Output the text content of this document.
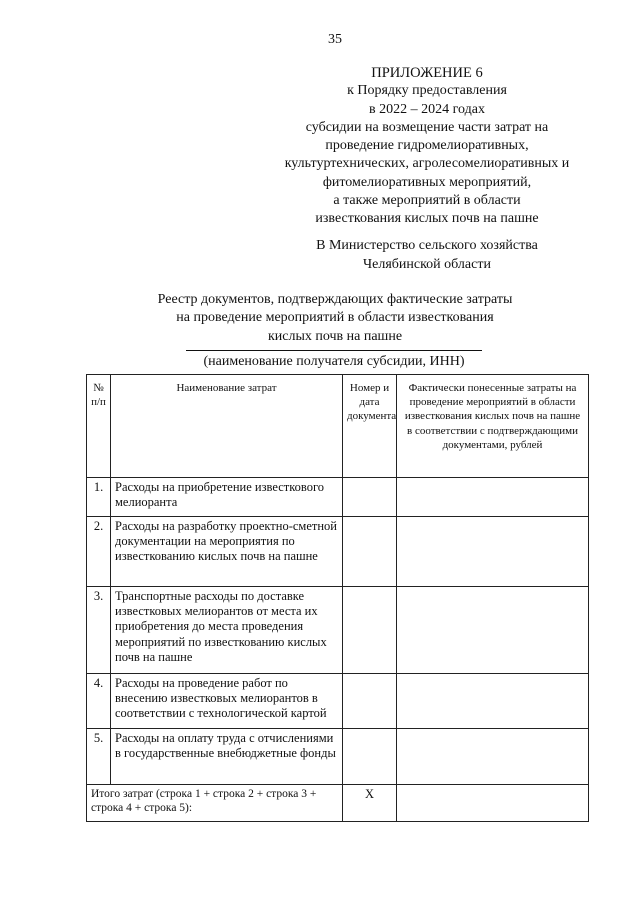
35
ПРИЛОЖЕНИЕ 6
к Порядку предоставления
в 2022 – 2024 годах
субсидии на возмещение части затрат на
проведение гидромелиоративных,
культуртехнических, агролесомелиоративных и
фитомелиоративных мероприятий,
а также мероприятий в области
известкования кислых почв на пашне
В Министерство сельского хозяйства
Челябинской области
Реестр документов, подтверждающих фактические затраты
на проведение мероприятий в области известкования
кислых почв на пашне
(наименование получателя субсидии, ИНН)
№ п/п	Наименование затрат	Номер и дата документа	Фактически понесенные затраты на проведение мероприятий в области известкования кислых почв на пашне в соответствии с подтверждающими документами, рублей
1.	Расходы на приобретение известкового мелиоранта		
2.	Расходы на разработку проектно-сметной документации на мероприятия по известкованию кислых почв на пашне		
3.	Транспортные расходы по доставке известковых мелиорантов от места их приобретения до места проведения мероприятий по известкованию кислых почв на пашне		
4.	Расходы на проведение работ по внесению известковых мелиорантов в соответствии с технологической картой		
5.	Расходы на оплату труда с отчислениями в государственные внебюджетные фонды		
Итого затрат (строка 1 + строка 2 + строка 3 + строка 4 + строка 5):		Х	
